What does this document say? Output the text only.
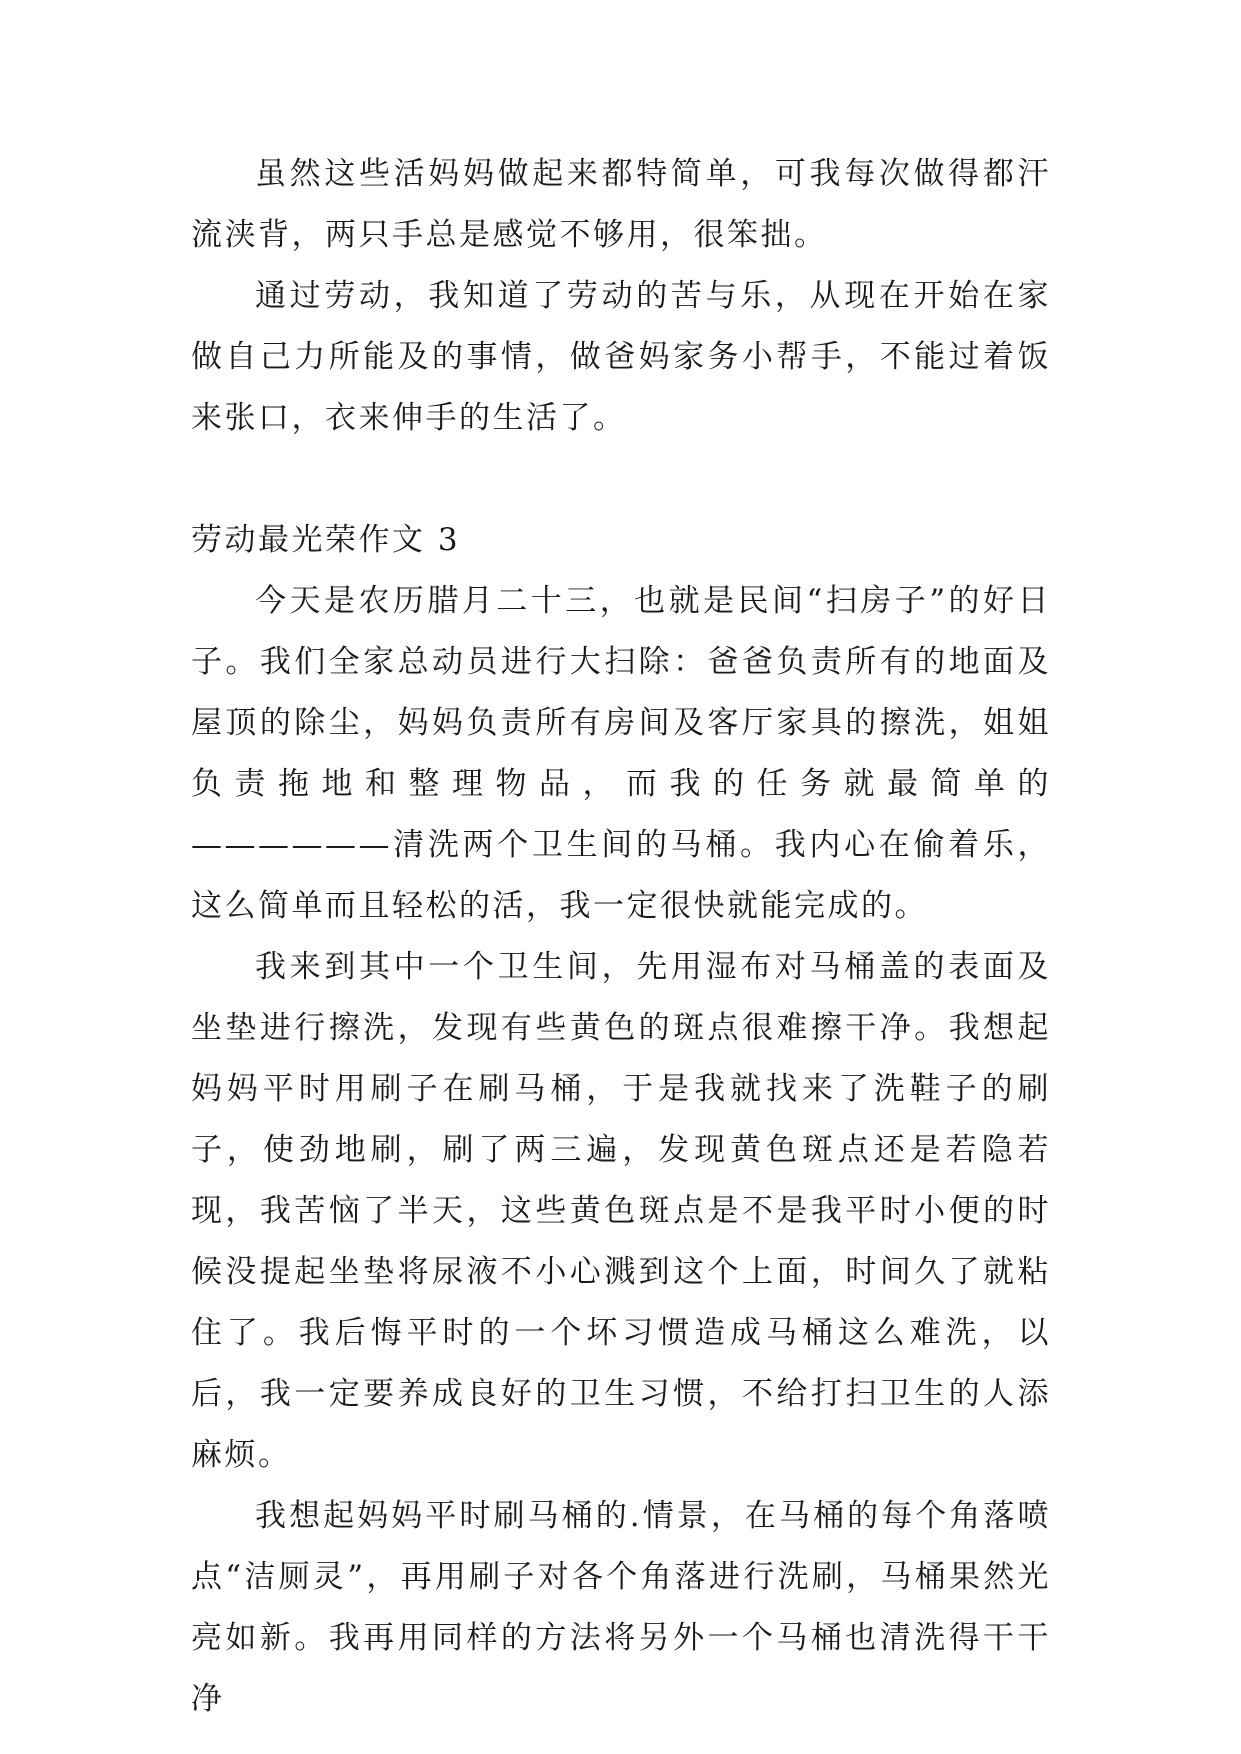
虽然这些活妈妈做起来都特简单，可我每次做得都汗流浃背，两只手总是感觉不够用，很笨拙。

通过劳动，我知道了劳动的苦与乐，从现在开始在家做自己力所能及的事情，做爸妈家务小帮手，不能过着饭来张口，衣来伸手的生活了。

劳动最光荣作文 3

今天是农历腊月二十三，也就是民间“扫房子”的好日子。我们全家总动员进行大扫除：爸爸负责所有的地面及屋顶的除尘，妈妈负责所有房间及客厅家具的擦洗，姐姐负责拖地和整理物品，而我的任务就最简单的——————清洗两个卫生间的马桶。我内心在偷着乐，这么简单而且轻松的活，我一定很快就能完成的。

我来到其中一个卫生间，先用湿布对马桶盖的表面及坐垫进行擦洗，发现有些黄色的斑点很难擦干净。我想起妈妈平时用刷子在刷马桶，于是我就找来了洗鞋子的刷子，使劲地刷，刷了两三遍，发现黄色斑点还是若隐若现，我苦恼了半天，这些黄色斑点是不是我平时小便的时候没提起坐垫将尿液不小心溅到这个上面，时间久了就粘住了。我后悔平时的一个坏习惯造成马桶这么难洗，以后，我一定要养成良好的卫生习惯，不给打扫卫生的人添麻烦。

我想起妈妈平时刷马桶的.情景，在马桶的每个角落喷点“洁厕灵”，再用刷子对各个角落进行洗刷，马桶果然光亮如新。我再用同样的方法将另外一个马桶也清洗得干干净
